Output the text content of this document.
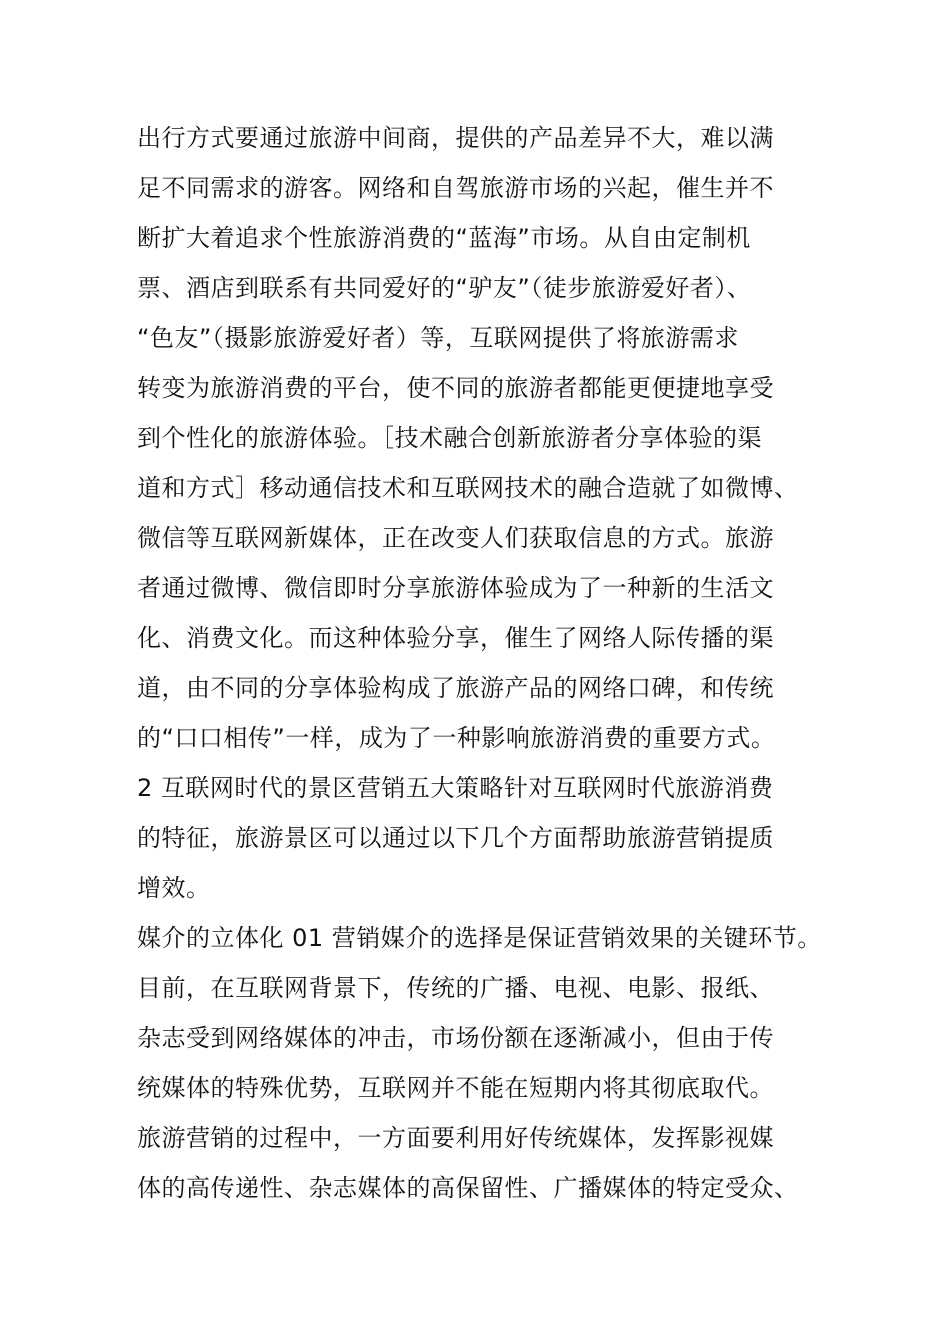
出行方式要通过旅游中间商，提供的产品差异不大，难以满
足不同需求的游客。网络和自驾旅游市场的兴起，催生并不
断扩大着追求个性旅游消费的“蓝海”市场。从自由定制机
票、酒店到联系有共同爱好的“驴友”（徒步旅游爱好者）、
“色友”（摄影旅游爱好者）等，互联网提供了将旅游需求
转变为旅游消费的平台，使不同的旅游者都能更便捷地享受
到个性化的旅游体验。［技术融合创新旅游者分享体验的渠
道和方式］移动通信技术和互联网技术的融合造就了如微博、
微信等互联网新媒体，正在改变人们获取信息的方式。旅游
者通过微博、微信即时分享旅游体验成为了一种新的生活文
化、消费文化。而这种体验分享，催生了网络人际传播的渠
道，由不同的分享体验构成了旅游产品的网络口碑，和传统
的“口口相传”一样，成为了一种影响旅游消费的重要方式。
2 互联网时代的景区营销五大策略针对互联网时代旅游消费
的特征，旅游景区可以通过以下几个方面帮助旅游营销提质
增效。
媒介的立体化 01 营销媒介的选择是保证营销效果的关键环节。
目前，在互联网背景下，传统的广播、电视、电影、报纸、
杂志受到网络媒体的冲击，市场份额在逐渐减小，但由于传
统媒体的特殊优势，互联网并不能在短期内将其彻底取代。
旅游营销的过程中，一方面要利用好传统媒体，发挥影视媒
体的高传递性、杂志媒体的高保留性、广播媒体的特定受众、
